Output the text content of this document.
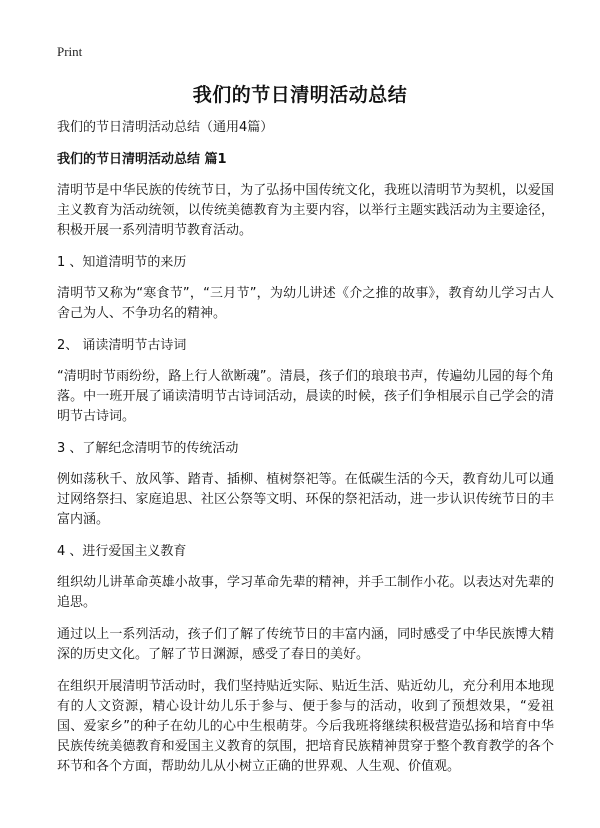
Print
我们的节日清明活动总结

我们的节日清明活动总结（通用4篇）

我们的节日清明活动总结 篇1

清明节是中华民族的传统节日，为了弘扬中国传统文化，我班以清明节为契机，以爱国主义教育为活动统领，以传统美德教育为主要内容，以举行主题实践活动为主要途径，积极开展一系列清明节教育活动。

1 、知道清明节的来历

清明节又称为“寒食节”，“三月节”，为幼儿讲述《介之推的故事》，教育幼儿学习古人舍己为人、不争功名的精神。

2、 诵读清明节古诗词

“清明时节雨纷纷，路上行人欲断魂”。清晨，孩子们的琅琅书声，传遍幼儿园的每个角落。中一班开展了诵读清明节古诗词活动，晨读的时候，孩子们争相展示自己学会的清明节古诗词。

3 、了解纪念清明节的传统活动

例如荡秋千、放风筝、踏青、插柳、植树祭祀等。在低碳生活的今天，教育幼儿可以通过网络祭扫、家庭追思、社区公祭等文明、环保的祭祀活动，进一步认识传统节日的丰富内涵。

4 、进行爱国主义教育

组织幼儿讲革命英雄小故事，学习革命先辈的精神，并手工制作小花。以表达对先辈的追思。

通过以上一系列活动，孩子们了解了传统节日的丰富内涵，同时感受了中华民族博大精深的历史文化。了解了节日渊源，感受了春日的美好。

在组织开展清明节活动时，我们坚持贴近实际、贴近生活、贴近幼儿，充分利用本地现有的人文资源，精心设计幼儿乐于参与、便于参与的活动，收到了预想效果，“爱祖国、爱家乡”的种子在幼儿的心中生根萌芽。今后我班将继续积极营造弘扬和培育中华民族传统美德教育和爱国主义教育的氛围，把培育民族精神贯穿于整个教育教学的各个环节和各个方面，帮助幼儿从小树立正确的世界观、人生观、价值观。
